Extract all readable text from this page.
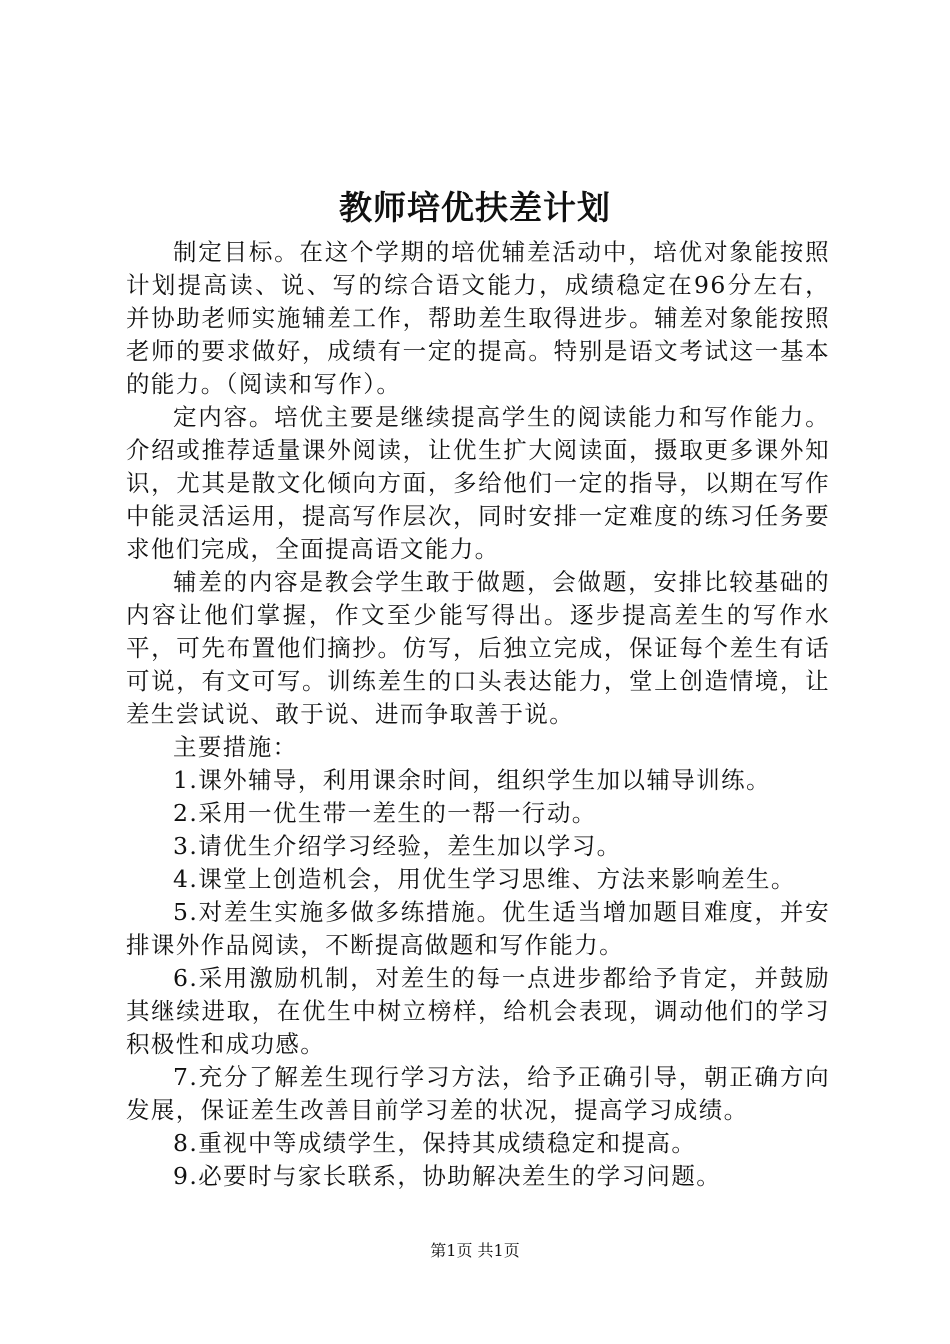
教师培优扶差计划

制定目标。在这个学期的培优辅差活动中，培优对象能按照计划提高读、说、写的综合语文能力，成绩稳定在96分左右，并协助老师实施辅差工作，帮助差生取得进步。辅差对象能按照老师的要求做好，成绩有一定的提高。特别是语文考试这一基本的能力。（阅读和写作）。

定内容。培优主要是继续提高学生的阅读能力和写作能力。介绍或推荐适量课外阅读，让优生扩大阅读面，摄取更多课外知识，尤其是散文化倾向方面，多给他们一定的指导，以期在写作中能灵活运用，提高写作层次，同时安排一定难度的练习任务要求他们完成，全面提高语文能力。

辅差的内容是教会学生敢于做题，会做题，安排比较基础的内容让他们掌握，作文至少能写得出。逐步提高差生的写作水平，可先布置他们摘抄。仿写，后独立完成，保证每个差生有话可说，有文可写。训练差生的口头表达能力，堂上创造情境，让差生尝试说、敢于说、进而争取善于说。

主要措施：

1.课外辅导，利用课余时间，组织学生加以辅导训练。

2.采用一优生带一差生的一帮一行动。

3.请优生介绍学习经验，差生加以学习。

4.课堂上创造机会，用优生学习思维、方法来影响差生。

5.对差生实施多做多练措施。优生适当增加题目难度，并安排课外作品阅读，不断提高做题和写作能力。

6.采用激励机制，对差生的每一点进步都给予肯定，并鼓励其继续进取，在优生中树立榜样，给机会表现，调动他们的学习积极性和成功感。

7.充分了解差生现行学习方法，给予正确引导，朝正确方向发展，保证差生改善目前学习差的状况，提高学习成绩。

8.重视中等成绩学生，保持其成绩稳定和提高。

9.必要时与家长联系，协助解决差生的学习问题。

第1页 共1页
